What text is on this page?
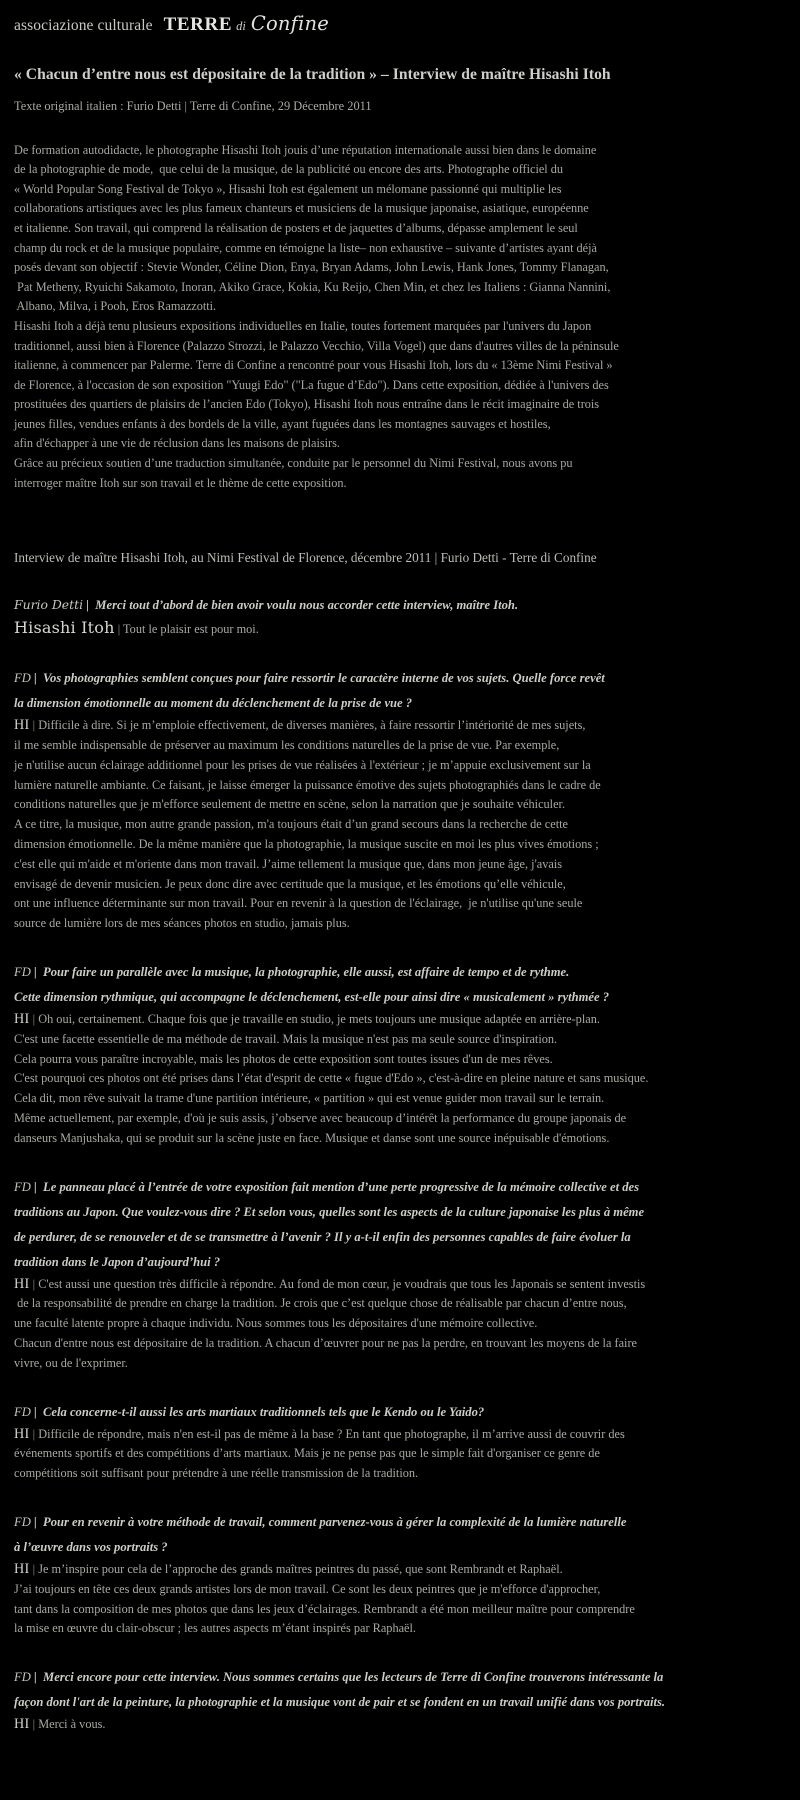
associazione culturale TERRE di Confine
« Chacun d’entre nous est dépositaire de la tradition » – Interview de maître Hisashi Itoh
Texte original italien : Furio Detti | Terre di Confine, 29 Décembre 2011
De formation autodidacte, le photographe Hisashi Itoh jouis d’une réputation internationale aussi bien dans le domaine
de la photographie de mode,  que celui de la musique, de la publicité ou encore des arts. Photographe officiel du
« World Popular Song Festival de Tokyo », Hisashi Itoh est également un mélomane passionné qui multiplie les
collaborations artistiques avec les plus fameux chanteurs et musiciens de la musique japonaise, asiatique, européenne
et italienne. Son travail, qui comprend la réalisation de posters et de jaquettes d’albums, dépasse amplement le seul
champ du rock et de la musique populaire, comme en témoigne la liste– non exhaustive – suivante d’artistes ayant déjà
posés devant son objectif : Stevie Wonder, Céline Dion, Enya, Bryan Adams, John Lewis, Hank Jones, Tommy Flanagan,
Pat Metheny, Ryuichi Sakamoto, Inoran, Akiko Grace, Kokia, Ku Reijo, Chen Min, et chez les Italiens : Gianna Nannini,
Albano, Milva, i Pooh, Eros Ramazzotti.
Hisashi Itoh a déjà tenu plusieurs expositions individuelles en Italie, toutes fortement marquées par l'univers du Japon
traditionnel, aussi bien à Florence (Palazzo Strozzi, le Palazzo Vecchio, Villa Vogel) que dans d'autres villes de la péninsule
italienne, à commencer par Palerme. Terre di Confine a rencontré pour vous Hisashi Itoh, lors du « 13ème Nimi Festival »
de Florence, à l'occasion de son exposition "Yuugi Edo" ("La fugue d’Edo"). Dans cette exposition, dédiée à l'univers des
prostituées des quartiers de plaisirs de l’ancien Edo (Tokyo), Hisashi Itoh nous entraîne dans le récit imaginaire de trois
jeunes filles, vendues enfants à des bordels de la ville, ayant fuguées dans les montagnes sauvages et hostiles,
afin d'échapper à une vie de réclusion dans les maisons de plaisirs.
Grâce au précieux soutien d’une traduction simultanée, conduite par le personnel du Nimi Festival, nous avons pu
interroger maître Itoh sur son travail et le thème de cette exposition.
Interview de maître Hisashi Itoh, au Nimi Festival de Florence, décembre 2011 | Furio Detti - Terre di Confine
Furio Detti |  Merci tout d’abord de bien avoir voulu nous accorder cette interview, maître Itoh.
Hisashi Itoh | Tout le plaisir est pour moi.
FD |  Vos photographies semblent conçues pour faire ressortir le caractère interne de vos sujets. Quelle force revêt
la dimension émotionnelle au moment du déclenchement de la prise de vue ?
HI | Difficile à dire. Si je m’emploie effectivement, de diverses manières, à faire ressortir l’intériorité de mes sujets,
il me semble indispensable de préserver au maximum les conditions naturelles de la prise de vue. Par exemple,
je n'utilise aucun éclairage additionnel pour les prises de vue réalisées à l'extérieur ; je m’appuie exclusivement sur la
lumière naturelle ambiante. Ce faisant, je laisse émerger la puissance émotive des sujets photographiés dans le cadre de
conditions naturelles que je m'efforce seulement de mettre en scène, selon la narration que je souhaite véhiculer.
A ce titre, la musique, mon autre grande passion, m'a toujours était d’un grand secours dans la recherche de cette
dimension émotionnelle. De la même manière que la photographie, la musique suscite en moi les plus vives émotions ;
c'est elle qui m'aide et m'oriente dans mon travail. J’aime tellement la musique que, dans mon jeune âge, j'avais
envisagé de devenir musicien. Je peux donc dire avec certitude que la musique, et les émotions qu’elle véhicule,
ont une influence déterminante sur mon travail. Pour en revenir à la question de l'éclairage,  je n'utilise qu'une seule
source de lumière lors de mes séances photos en studio, jamais plus.
FD |  Pour faire un parallèle avec la musique, la photographie, elle aussi, est affaire de tempo et de rythme.
Cette dimension rythmique, qui accompagne le déclenchement, est-elle pour ainsi dire « musicalement » rythmée ?
HI | Oh oui, certainement. Chaque fois que je travaille en studio, je mets toujours une musique adaptée en arrière-plan.
C'est une facette essentielle de ma méthode de travail. Mais la musique n'est pas ma seule source d'inspiration.
Cela pourra vous paraître incroyable, mais les photos de cette exposition sont toutes issues d'un de mes rêves.
C'est pourquoi ces photos ont été prises dans l’état d'esprit de cette « fugue d'Edo », c'est-à-dire en pleine nature et sans musique.
Cela dit, mon rêve suivait la trame d'une partition intérieure, « partition » qui est venue guider mon travail sur le terrain.
Même actuellement, par exemple, d'où je suis assis, j’observe avec beaucoup d’intérêt la performance du groupe japonais de
danseurs Manjushaka, qui se produit sur la scène juste en face. Musique et danse sont une source inépuisable d'émotions.
FD |  Le panneau placé à l’entrée de votre exposition fait mention d’une perte progressive de la mémoire collective et des
traditions au Japon. Que voulez-vous dire ? Et selon vous, quelles sont les aspects de la culture japonaise les plus à même
de perdurer, de se renouveler et de se transmettre à l’avenir ? Il y a-t-il enfin des personnes capables de faire évoluer la
tradition dans le Japon d’aujourd’hui ?
HI | C'est aussi une question très difficile à répondre. Au fond de mon cœur, je voudrais que tous les Japonais se sentent investis
de la responsabilité de prendre en charge la tradition. Je crois que c’est quelque chose de réalisable par chacun d’entre nous,
une faculté latente propre à chaque individu. Nous sommes tous les dépositaires d'une mémoire collective.
Chacun d'entre nous est dépositaire de la tradition. A chacun d’œuvrer pour ne pas la perdre, en trouvant les moyens de la faire
vivre, ou de l'exprimer.
FD |  Cela concerne-t-il aussi les arts martiaux traditionnels tels que le Kendo ou le Yaido?
HI | Difficile de répondre, mais n'en est-il pas de même à la base ? En tant que photographe, il m’arrive aussi de couvrir des
événements sportifs et des compétitions d’arts martiaux. Mais je ne pense pas que le simple fait d'organiser ce genre de
compétitions soit suffisant pour prétendre à une réelle transmission de la tradition.
FD |  Pour en revenir à votre méthode de travail, comment parvenez-vous à gérer la complexité de la lumière naturelle
à l’œuvre dans vos portraits ?
HI | Je m’inspire pour cela de l’approche des grands maîtres peintres du passé, que sont Rembrandt et Raphaël.
J’ai toujours en tête ces deux grands artistes lors de mon travail. Ce sont les deux peintres que je m'efforce d'approcher,
tant dans la composition de mes photos que dans les jeux d’éclairages. Rembrandt a été mon meilleur maître pour comprendre
la mise en œuvre du clair-obscur ; les autres aspects m’étant inspirés par Raphaël.
FD |  Merci encore pour cette interview. Nous sommes certains que les lecteurs de Terre di Confine trouverons intéressante la
façon dont l'art de la peinture, la photographie et la musique vont de pair et se fondent en un travail unifié dans vos portraits.
HI | Merci à vous.
